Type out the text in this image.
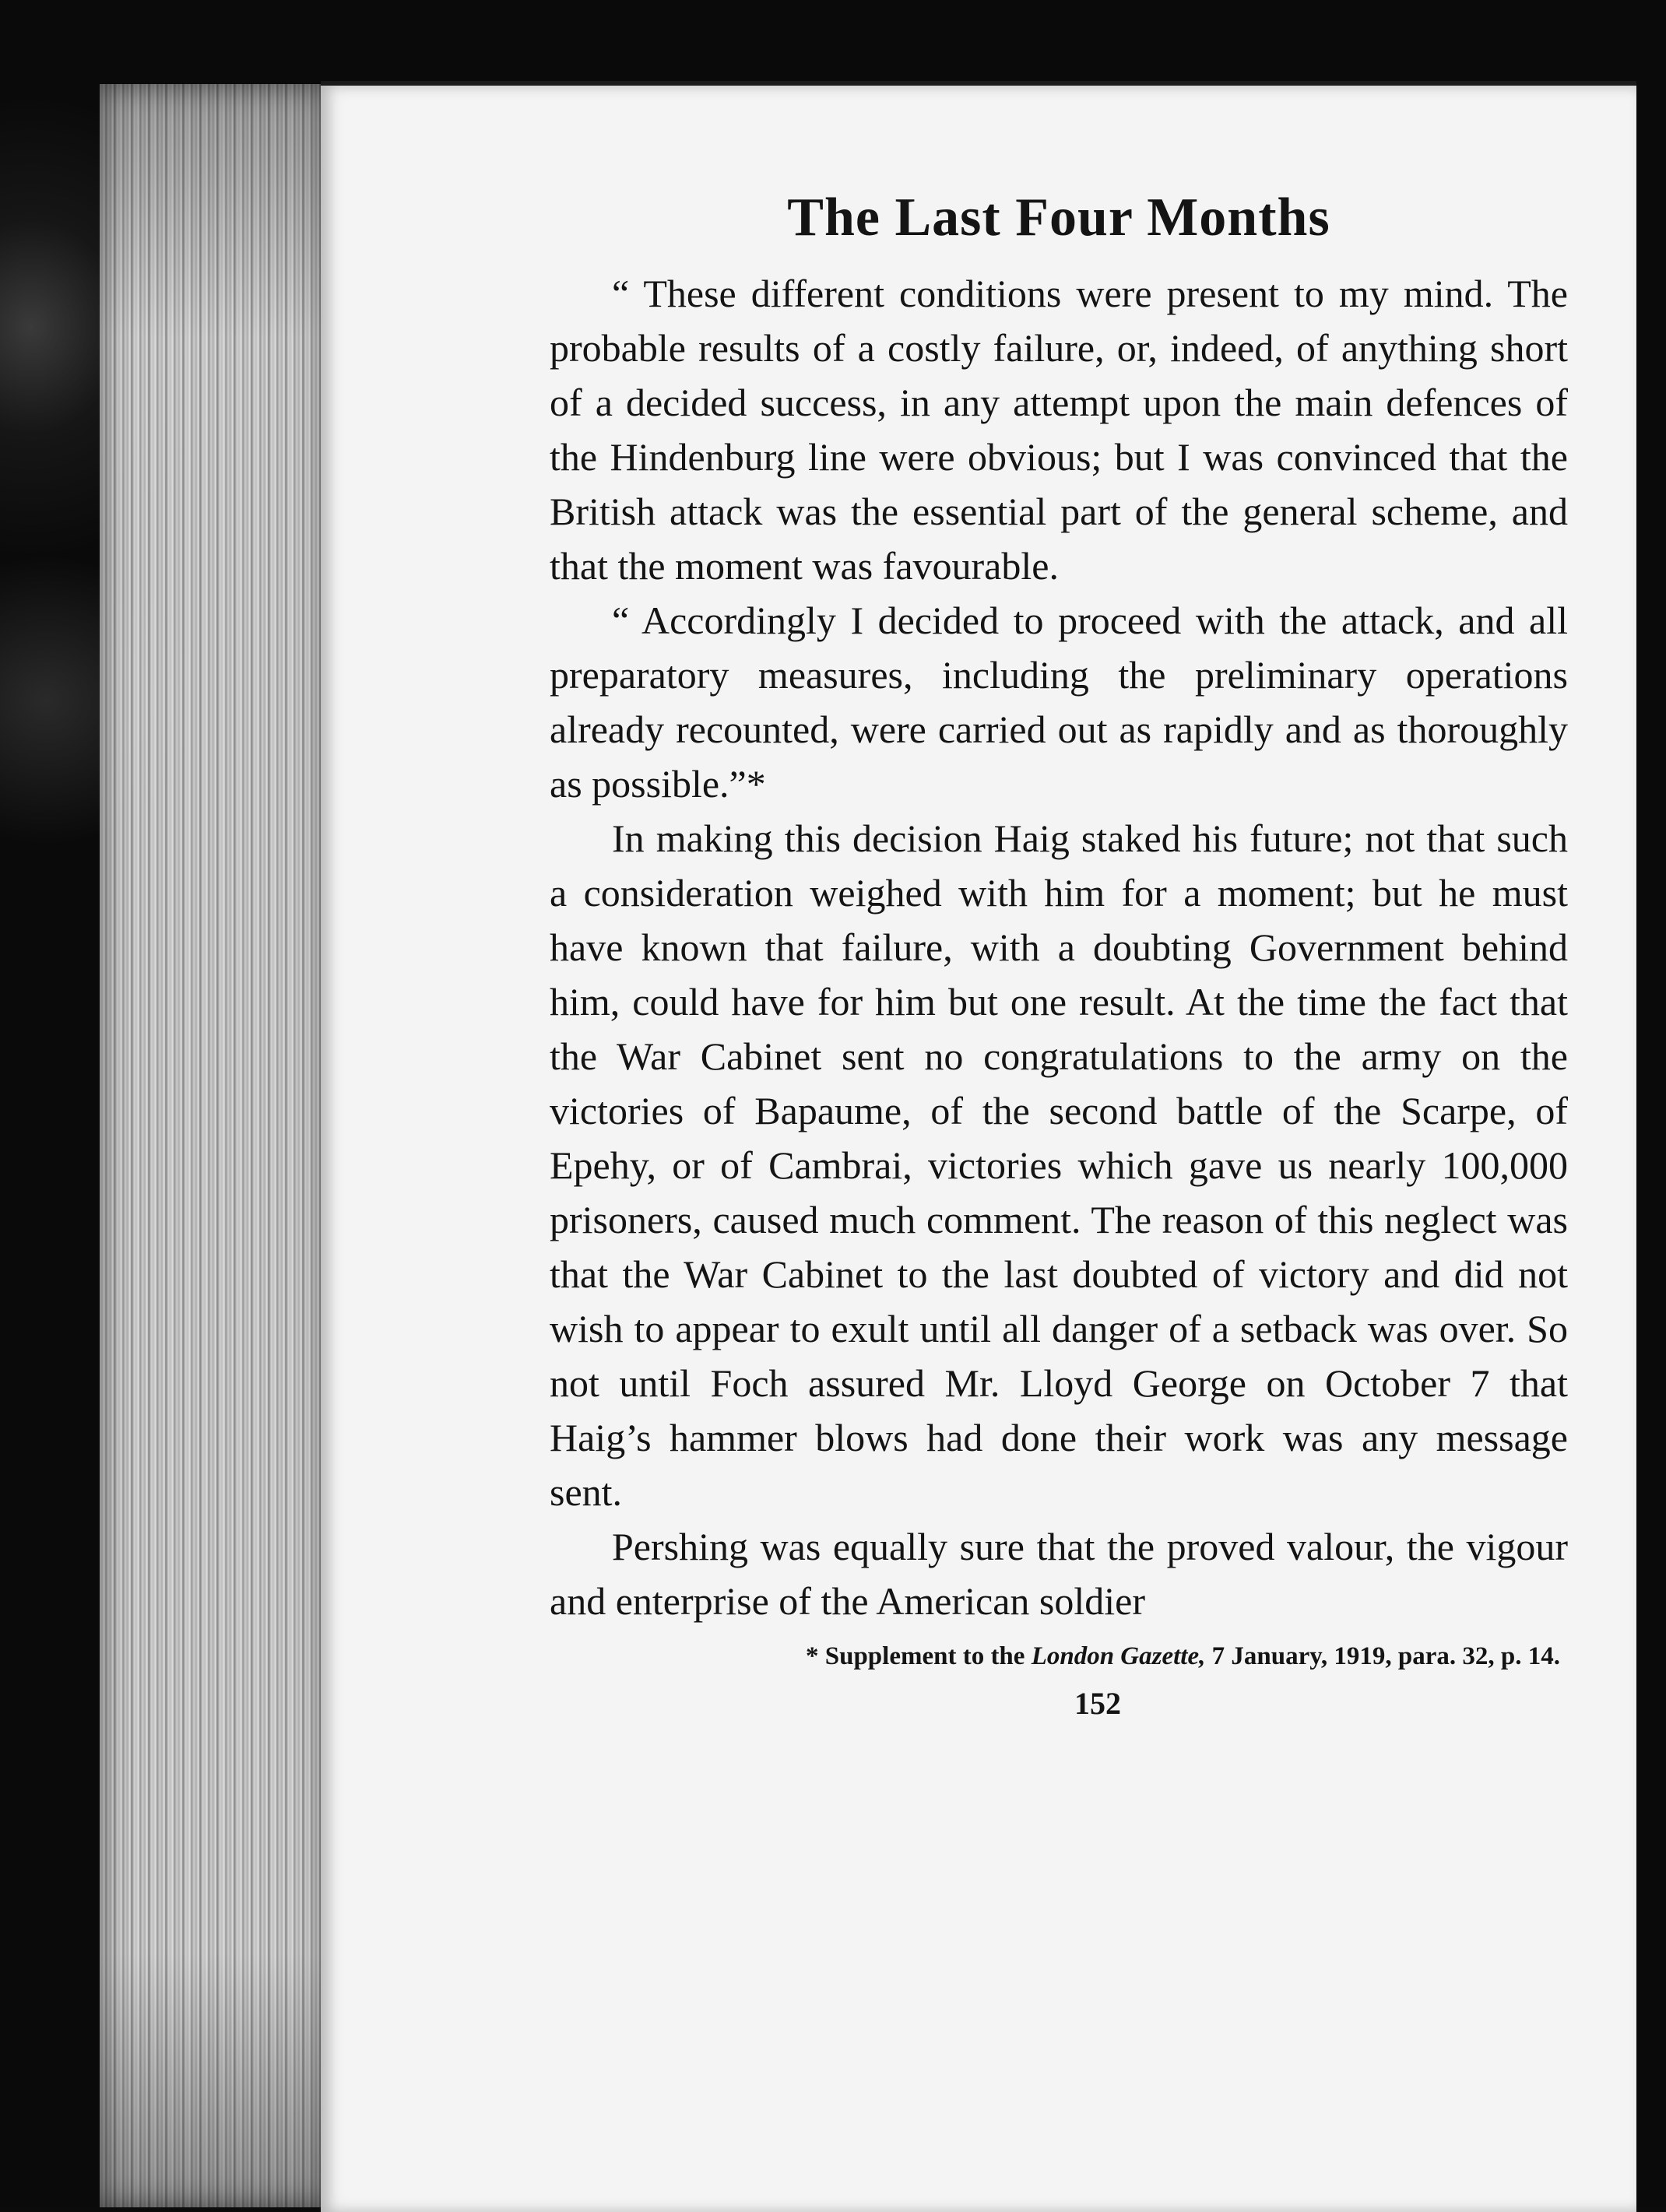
The Last Four Months

“ These different conditions were present to my mind. The probable results of a costly failure, or, indeed, of anything short of a decided success, in any attempt upon the main defences of the Hindenburg line were obvious; but I was convinced that the British attack was the essential part of the general scheme, and that the moment was favourable.

“ Accordingly I decided to proceed with the attack, and all preparatory measures, including the preliminary operations already recounted, were carried out as rapidly and as thoroughly as possible.”*

In making this decision Haig staked his future; not that such a consideration weighed with him for a moment; but he must have known that failure, with a doubting Government behind him, could have for him but one result. At the time the fact that the War Cabinet sent no congratulations to the army on the victories of Bapaume, of the second battle of the Scarpe, of Epehy, or of Cambrai, victories which gave us nearly 100,000 prisoners, caused much comment. The reason of this neglect was that the War Cabinet to the last doubted of victory and did not wish to appear to exult until all danger of a setback was over. So not until Foch assured Mr. Lloyd George on October 7 that Haig’s hammer blows had done their work was any message sent.

Pershing was equally sure that the proved valour, the vigour and enterprise of the American soldier

* Supplement to the London Gazette, 7 January, 1919, para. 32, p. 14.
152
